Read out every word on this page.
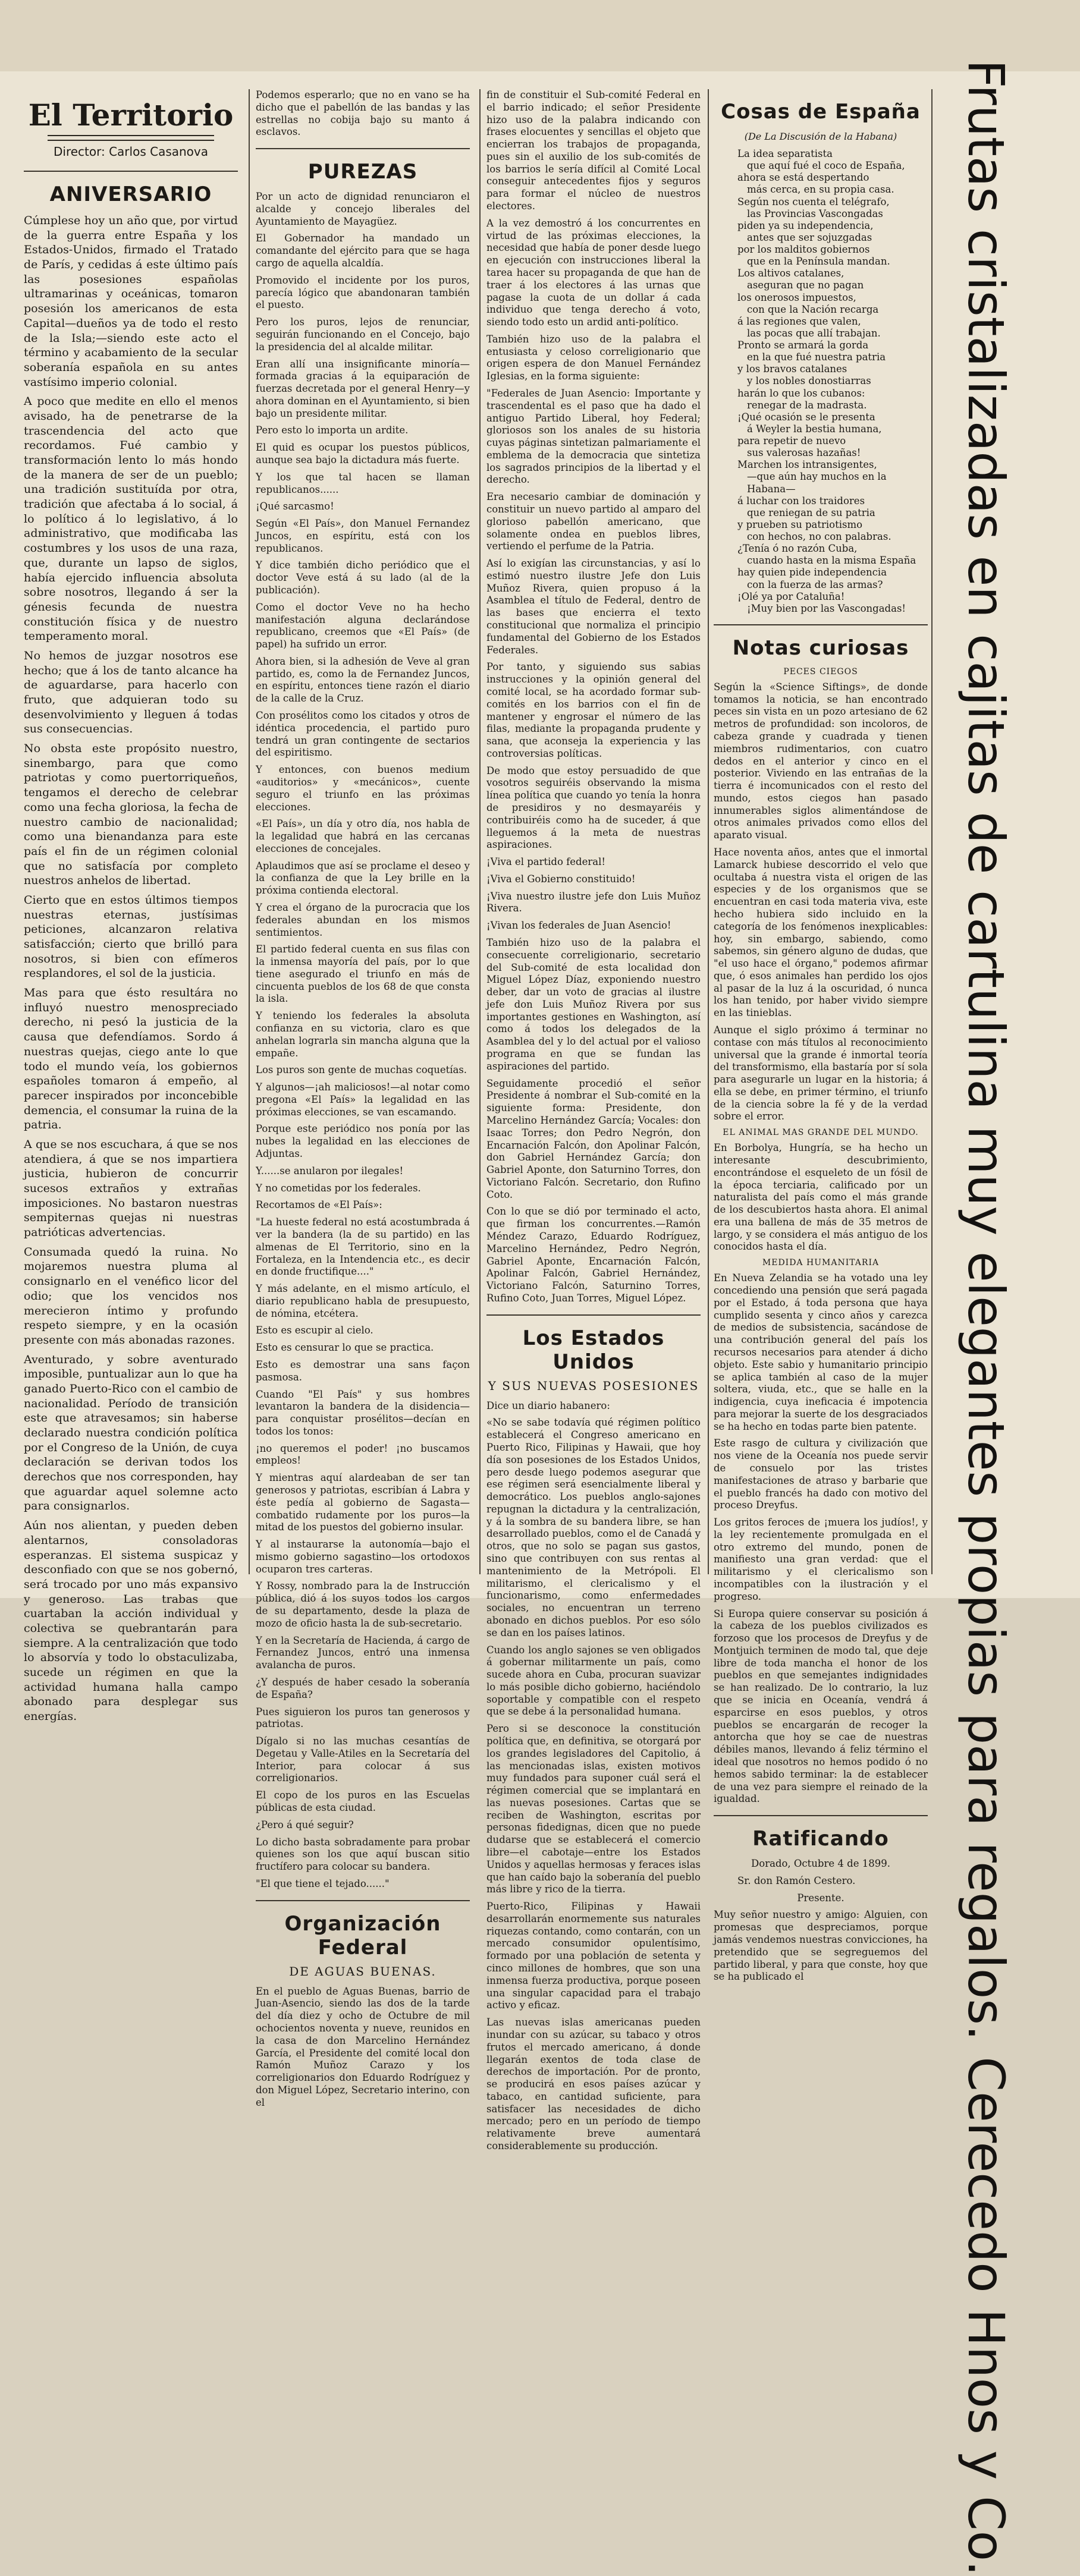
El Territorio
Director: Carlos Casanova
ANIVERSARIO

Cúmplese hoy un año que, por virtud de la guerra entre España y los Estados-Unidos, firmado el Tratado de París, y cedidas á este último país las posesiones españolas ultramarinas y oceánicas, tomaron posesión los americanos de esta Capital—dueños ya de todo el resto de la Isla;—siendo este acto el término y acabamiento de la secular soberanía española en su antes vastísimo imperio colonial.

A poco que medite en ello el menos avisado, ha de penetrarse de la trascendencia del acto que recordamos. Fué cambio y transformación lento lo más hondo de la manera de ser de un pueblo; una tradición sustituída por otra, tradición que afectaba á lo social, á lo político á lo legislativo, á lo administrativo, que modificaba las costumbres y los usos de una raza, que, durante un lapso de siglos, había ejercido influencia absoluta sobre nosotros, llegando á ser la génesis fecunda de nuestra constitución física y de nuestro temperamento moral.

No hemos de juzgar nosotros ese hecho; que á los de tanto alcance ha de aguardarse, para hacerlo con fruto, que adquieran todo su desenvolvimiento y lleguen á todas sus consecuencias.

No obsta este propósito nuestro, sinembargo, para que como patriotas y como puertorriqueños, tengamos el derecho de celebrar como una fecha gloriosa, la fecha de nuestro cambio de nacionalidad; como una bienandanza para este país el fin de un régimen colonial que no satisfacía por completo nuestros anhelos de libertad.

Cierto que en estos últimos tiempos nuestras eternas, justísimas peticiones, alcanzaron relativa satisfacción; cierto que brilló para nosotros, si bien con efímeros resplandores, el sol de la justicia.

Mas para que ésto resultára no influyó nuestro menospreciado derecho, ni pesó la justicia de la causa que defendíamos. Sordo á nuestras quejas, ciego ante lo que todo el mundo veía, los gobiernos españoles tomaron á empeño, al parecer inspirados por inconcebible demencia, el consumar la ruina de la patria.

A que se nos escuchara, á que se nos atendiera, á que se nos impartiera justicia, hubieron de concurrir sucesos extraños y extrañas imposiciones. No bastaron nuestras sempiternas quejas ni nuestras patrióticas advertencias.

Consumada quedó la ruina. No mojaremos nuestra pluma al consignarlo en el venéfico licor del odio; que los vencidos nos merecieron íntimo y profundo respeto siempre, y en la ocasión presente con más abonadas razones.

Aventurado, y sobre aventurado imposible, puntualizar aun lo que ha ganado Puerto-Rico con el cambio de nacionalidad. Período de transición este que atravesamos; sin haberse declarado nuestra condición política por el Congreso de la Unión, de cuya declaración se derivan todos los derechos que nos corresponden, hay que aguardar aquel solemne acto para consignarlos.

Aún nos alientan, y pueden deben alentarnos, consoladoras esperanzas. El sistema suspicaz y desconfiado con que se nos gobernó, será trocado por uno más expansivo y generoso. Las trabas que cuartaban la acción individual y colectiva se quebrantarán para siempre. A la centralización que todo lo absorvía y todo lo obstaculizaba, sucede un régimen en que la actividad humana halla campo abonado para desplegar sus energías.

Podemos esperarlo; que no en vano se ha dicho que el pabellón de las bandas y las estrellas no cobija bajo su manto á esclavos.

PUREZAS

Por un acto de dignidad renunciaron el alcalde y concejo liberales del Ayuntamiento de Mayagüez.

El Gobernador ha mandado un comandante del ejército para que se haga cargo de aquella alcaldía.

Promovido el incidente por los puros, parecía lógico que abandonaran también el puesto.

Pero los puros, lejos de renunciar, seguirán funcionando en el Concejo, bajo la presidencia del al alcalde militar.

Eran allí una insignificante minoría—formada gracias á la equiparación de fuerzas decretada por el general Henry—y ahora dominan en el Ayuntamiento, si bien bajo un presidente militar.

Pero esto lo importa un ardite.

El quid es ocupar los puestos públicos, aunque sea bajo la dictadura más fuerte.

Y los que tal hacen se llaman republicanos......

¡Qué sarcasmo!

Según «El País», don Manuel Fernandez Juncos, en espíritu, está con los republicanos.

Y dice también dicho periódico que el doctor Veve está á su lado (al de la publicación).

Como el doctor Veve no ha hecho manifestación alguna declarándose republicano, creemos que «El País» (de papel) ha sufrido un error.

Ahora bien, si la adhesión de Veve al gran partido, es, como la de Fernandez Juncos, en espíritu, entonces tiene razón el diario de la calle de la Cruz.

Con prosélitos como los citados y otros de idéntica procedencia, el partido puro tendrá un gran contingente de sectarios del espiritismo.

Y entonces, con buenos medium «auditorios» y «mecánicos», cuente seguro el triunfo en las próximas elecciones.

«El País», un día y otro día, nos habla de la legalidad que habrá en las cercanas elecciones de concejales.

Aplaudimos que así se proclame el deseo y la confianza de que la Ley brille en la próxima contienda electoral.

Y crea el órgano de la purocracia que los federales abundan en los mismos sentimientos.

El partido federal cuenta en sus filas con la inmensa mayoría del país, por lo que tiene asegurado el triunfo en más de cincuenta pueblos de los 68 de que consta la isla.

Y teniendo los federales la absoluta confianza en su victoria, claro es que anhelan lograrla sin mancha alguna que la empañe.

Los puros son gente de muchas coquetías.

Y algunos—¡ah maliciosos!—al notar como pregona «El País» la legalidad en las próximas elecciones, se van escamando.

Porque este periódico nos ponía por las nubes la legalidad en las elecciones de Adjuntas.

Y......se anularon por ilegales!

Y no cometidas por los federales.

Recortamos de «El País»:

"La hueste federal no está acostumbrada á ver la bandera (la de su partido) en las almenas de El Territorio, sino en la Fortaleza, en la Intendencia etc., es decir en donde fructifique...."

Y más adelante, en el mismo artículo, el diario republicano habla de presupuesto, de nómina, etcétera.

Esto es escupir al cielo.

Esto es censurar lo que se practica.

Esto es demostrar una sans façon pasmosa.

Cuando "El País" y sus hombres levantaron la bandera de la disidencia—para conquistar prosélitos—decían en todos los tonos:

¡no queremos el poder! ¡no buscamos empleos!

Y mientras aquí alardeaban de ser tan generosos y patriotas, escribían á Labra y éste pedía al gobierno de Sagasta—combatido rudamente por los puros—la mitad de los puestos del gobierno insular.

Y al instaurarse la autonomía—bajo el mismo gobierno sagastino—los ortodoxos ocuparon tres carteras.

Y Rossy, nombrado para la de Instrucción pública, dió á los suyos todos los cargos de su departamento, desde la plaza de mozo de oficio hasta la de sub-secretario.

Y en la Secretaría de Hacienda, á cargo de Fernandez Juncos, entró una inmensa avalancha de puros.

¿Y después de haber cesado la soberanía de España?

Pues siguieron los puros tan generosos y patriotas.

Dígalo si no las muchas cesantías de Degetau y Valle-Atiles en la Secretaría del Interior, para colocar á sus correligionarios.

El copo de los puros en las Escuelas públicas de esta ciudad.

¿Pero á qué seguir?

Lo dicho basta sobradamente para probar quienes son los que aquí buscan sitio fructífero para colocar su bandera.

"El que tiene el tejado......"

Organización Federal
DE AGUAS BUENAS.

En el pueblo de Aguas Buenas, barrio de Juan-Asencio, siendo las dos de la tarde del día diez y ocho de Octubre de mil ochocientos noventa y nueve, reunidos en la casa de don Marcelino Hernández García, el Presidente del comité local don Ramón Muñoz Carazo y los correligionarios don Eduardo Rodríguez y don Miguel López, Secretario interino, con el

fin de constituir el Sub-comité Federal en el barrio indicado; el señor Presidente hizo uso de la palabra indicando con frases elocuentes y sencillas el objeto que encierran los trabajos de propaganda, pues sin el auxilio de los sub-comités de los barrios le sería difícil al Comité Local conseguir antecedentes fijos y seguros para formar el núcleo de nuestros electores.

A la vez demostró á los concurrentes en virtud de las próximas elecciones, la necesidad que había de poner desde luego en ejecución con instrucciones liberal la tarea hacer su propaganda de que han de traer á los electores á las urnas que pagase la cuota de un dollar á cada individuo que tenga derecho á voto, siendo todo esto un ardid anti-político.

También hizo uso de la palabra el entusiasta y celoso correligionario que origen espera de don Manuel Fernández Iglesias, en la forma siguiente:

"Federales de Juan Asencio: Importante y trascendental es el paso que ha dado el antiguo Partido Liberal, hoy Federal; gloriosos son los anales de su historia cuyas páginas sintetizan palmariamente el emblema de la democracia que sintetiza los sagrados principios de la libertad y el derecho.

Era necesario cambiar de dominación y constituir un nuevo partido al amparo del glorioso pabellón americano, que solamente ondea en pueblos libres, vertiendo el perfume de la Patria.

Así lo exigían las circunstancias, y así lo estimó nuestro ilustre Jefe don Luis Muñoz Rivera, quien propuso á la Asamblea el título de Federal, dentro de las bases que encierra el texto constitucional que normaliza el principio fundamental del Gobierno de los Estados Federales.

Por tanto, y siguiendo sus sabias instrucciones y la opinión general del comité local, se ha acordado formar sub-comités en los barrios con el fin de mantener y engrosar el número de las filas, mediante la propaganda prudente y sana, que aconseja la experiencia y las controversias políticas.

De modo que estoy persuadido de que vosotros seguiréis observando la misma línea política que cuando yo tenía la honra de presidiros y no desmayaréis y contribuiréis como ha de suceder, á que lleguemos á la meta de nuestras aspiraciones.

¡Viva el partido federal!

¡Viva el Gobierno constituido!

¡Viva nuestro ilustre jefe don Luis Muñoz Rivera.

¡Vivan los federales de Juan Asencio!

También hizo uso de la palabra el consecuente correligionario, secretario del Sub-comité de esta localidad don Miguel López Díaz, exponiendo nuestro deber, dar un voto de gracias al ilustre jefe don Luis Muñoz Rivera por sus importantes gestiones en Washington, así como á todos los delegados de la Asamblea del y lo del actual por el valioso programa en que se fundan las aspiraciones del partido.

Seguidamente procedió el señor Presidente á nombrar el Sub-comité en la siguiente forma: Presidente, don Marcelino Hernández García; Vocales: don Isaac Torres; don Pedro Negrón, don Encarnación Falcón, don Apolinar Falcón, don Gabriel Hernández García; don Gabriel Aponte, don Saturnino Torres, don Victoriano Falcón. Secretario, don Rufino Coto.

Con lo que se dió por terminado el acto, que firman los concurrentes.—Ramón Méndez Carazo, Eduardo Rodríguez, Marcelino Hernández, Pedro Negrón, Gabriel Aponte, Encarnación Falcón, Apolinar Falcón, Gabriel Hernández, Victoriano Falcón, Saturnino Torres, Rufino Coto, Juan Torres, Miguel López.

Los Estados Unidos
Y SUS NUEVAS POSESIONES

Dice un diario habanero:

«No se sabe todavía qué régimen político establecerá el Congreso americano en Puerto Rico, Filipinas y Hawaii, que hoy día son posesiones de los Estados Unidos, pero desde luego podemos asegurar que ese régimen será esencialmente liberal y democrático. Los pueblos anglo-sajones repugnan la dictadura y la centralización, y á la sombra de su bandera libre, se han desarrollado pueblos, como el de Canadá y otros, que no solo se pagan sus gastos, sino que contribuyen con sus rentas al mantenimiento de la Metrópoli. El militarismo, el clericalismo y el funcionarismo, como enfermedades sociales, no encuentran un terreno abonado en dichos pueblos. Por eso sólo se dan en los países latinos.

Cuando los anglo sajones se ven obligados á gobernar militarmente un país, como sucede ahora en Cuba, procuran suavizar lo más posible dicho gobierno, haciéndolo soportable y compatible con el respeto que se debe á la personalidad humana.

Pero si se desconoce la constitución política que, en definitiva, se otorgará por los grandes legisladores del Capitolio, á las mencionadas islas, existen motivos muy fundados para suponer cuál será el régimen comercial que se implantará en las nuevas posesiones. Cartas que se reciben de Washington, escritas por personas fidedignas, dicen que no puede dudarse que se establecerá el comercio libre—el cabotaje—entre los Estados Unidos y aquellas hermosas y feraces islas que han caído bajo la soberanía del pueblo más libre y rico de la tierra.

Puerto-Rico, Filipinas y Hawaii desarrollarán enormemente sus naturales riquezas contando, como contarán, con un mercado consumidor opulentísimo, formado por una población de setenta y cinco millones de hombres, que son una inmensa fuerza productiva, porque poseen una singular capacidad para el trabajo activo y eficaz.

Las nuevas islas americanas pueden inundar con su azúcar, su tabaco y otros frutos el mercado americano, á donde llegarán exentos de toda clase de derechos de importación. Por de pronto, se producirá en esos países azúcar y tabaco, en cantidad suficiente, para satisfacer las necesidades de dicho mercado; pero en un período de tiempo relativamente breve aumentará considerablemente su producción.

Cosas de España
(De La Discusión de la Habana)
La idea separatista
que aquí fué el coco de España,
ahora se está despertando
más cerca, en su propia casa.
Según nos cuenta el telégrafo,
las Provincias Vascongadas
piden ya su independencia,
antes que ser sojuzgadas
por los malditos gobiernos
que en la Península mandan.
Los altivos catalanes,
aseguran que no pagan
los onerosos impuestos,
con que la Nación recarga
á las regiones que valen,
las pocas que allí trabajan.
Pronto se armará la gorda
en la que fué nuestra patria
y los bravos catalanes
y los nobles donostiarras
harán lo que los cubanos:
renegar de la madrasta.
¡Qué ocasión se le presenta
á Weyler la bestia humana,
para repetir de nuevo
sus valerosas hazañas!
Marchen los intransigentes,
—que aún hay muchos en la Habana—
á luchar con los traidores
que reniegan de su patria
y prueben su patriotismo
con hechos, no con palabras.
¿Tenía ó no razón Cuba,
cuando hasta en la misma España
hay quien pide independencia
con la fuerza de las armas?
¡Olé ya por Cataluña!
¡Muy bien por las Vascongadas!
Notas curiosas
PECES CIEGOS

Según la «Science Siftings», de donde tomamos la noticia, se han encontrado peces sin vista en un pozo artesiano de 62 metros de profundidad: son incoloros, de cabeza grande y cuadrada y tienen miembros rudimentarios, con cuatro dedos en el anterior y cinco en el posterior. Viviendo en las entrañas de la tierra é incomunicados con el resto del mundo, estos ciegos han pasado innumerables siglos alimentándose de otros animales privados como ellos del aparato visual.

Hace noventa años, antes que el inmortal Lamarck hubiese descorrido el velo que ocultaba á nuestra vista el origen de las especies y de los organismos que se encuentran en casi toda materia viva, este hecho hubiera sido incluido en la categoría de los fenómenos inexplicables: hoy, sin embargo, sabiendo, como sabemos, sin género alguno de dudas, que "el uso hace el órgano," podemos afirmar que, ó esos animales han perdido los ojos al pasar de la luz á la oscuridad, ó nunca los han tenido, por haber vivido siempre en las tinieblas.

Aunque el siglo próximo á terminar no contase con más títulos al reconocimiento universal que la grande é inmortal teoría del transformismo, ella bastaría por sí sola para asegurarle un lugar en la historia; á ella se debe, en primer término, el triunfo de la ciencia sobre la fé y de la verdad sobre el error.

EL ANIMAL MAS GRANDE DEL MUNDO.

En Borbolya, Hungría, se ha hecho un interesante descubrimiento, encontrándose el esqueleto de un fósil de la época terciaria, calificado por un naturalista del país como el más grande de los descubiertos hasta ahora. El animal era una ballena de más de 35 metros de largo, y se considera el más antiguo de los conocidos hasta el día.

MEDIDA HUMANITARIA

En Nueva Zelandia se ha votado una ley concediendo una pensión que será pagada por el Estado, á toda persona que haya cumplido sesenta y cinco años y carezca de medios de subsistencia, sacándose de una contribución general del país los recursos necesarios para atender á dicho objeto. Este sabio y humanitario principio se aplica también al caso de la mujer soltera, viuda, etc., que se halle en la indigencia, cuya ineficacia é impotencia para mejorar la suerte de los desgraciados se ha hecho en todas parte bien patente.

Este rasgo de cultura y civilización que nos viene de la Oceanía nos puede servir de consuelo por las tristes manifestaciones de atraso y barbarie que el pueblo francés ha dado con motivo del proceso Dreyfus.

Los gritos feroces de ¡muera los judíos!, y la ley recientemente promulgada en el otro extremo del mundo, ponen de manifiesto una gran verdad: que el militarismo y el clericalismo son incompatibles con la ilustración y el progreso.

Si Europa quiere conservar su posición á la cabeza de los pueblos civilizados es forzoso que los procesos de Dreyfus y de Montjuich terminen de modo tal, que deje libre de toda mancha el honor de los pueblos en que semejantes indignidades se han realizado. De lo contrario, la luz que se inicia en Oceanía, vendrá á esparcirse en esos pueblos, y otros pueblos se encargarán de recoger la antorcha que hoy se cae de nuestras débiles manos, llevando á feliz término el ideal que nosotros no hemos podido ó no hemos sabido terminar: la de establecer de una vez para siempre el reinado de la igualdad.

Ratificando

Dorado, Octubre 4 de 1899.

Sr. don Ramón Cestero.

Presente.

Muy señor nuestro y amigo: Alguien, con promesas que despreciamos, porque jamás vendemos nuestras convicciones, ha pretendido que se segreguemos del partido liberal, y para que conste, hoy que se ha publicado el	Frutas cristalizadas en cajitas de cartulina muy elegantes propias para regalos. Cerecedo Hnos y Co.
